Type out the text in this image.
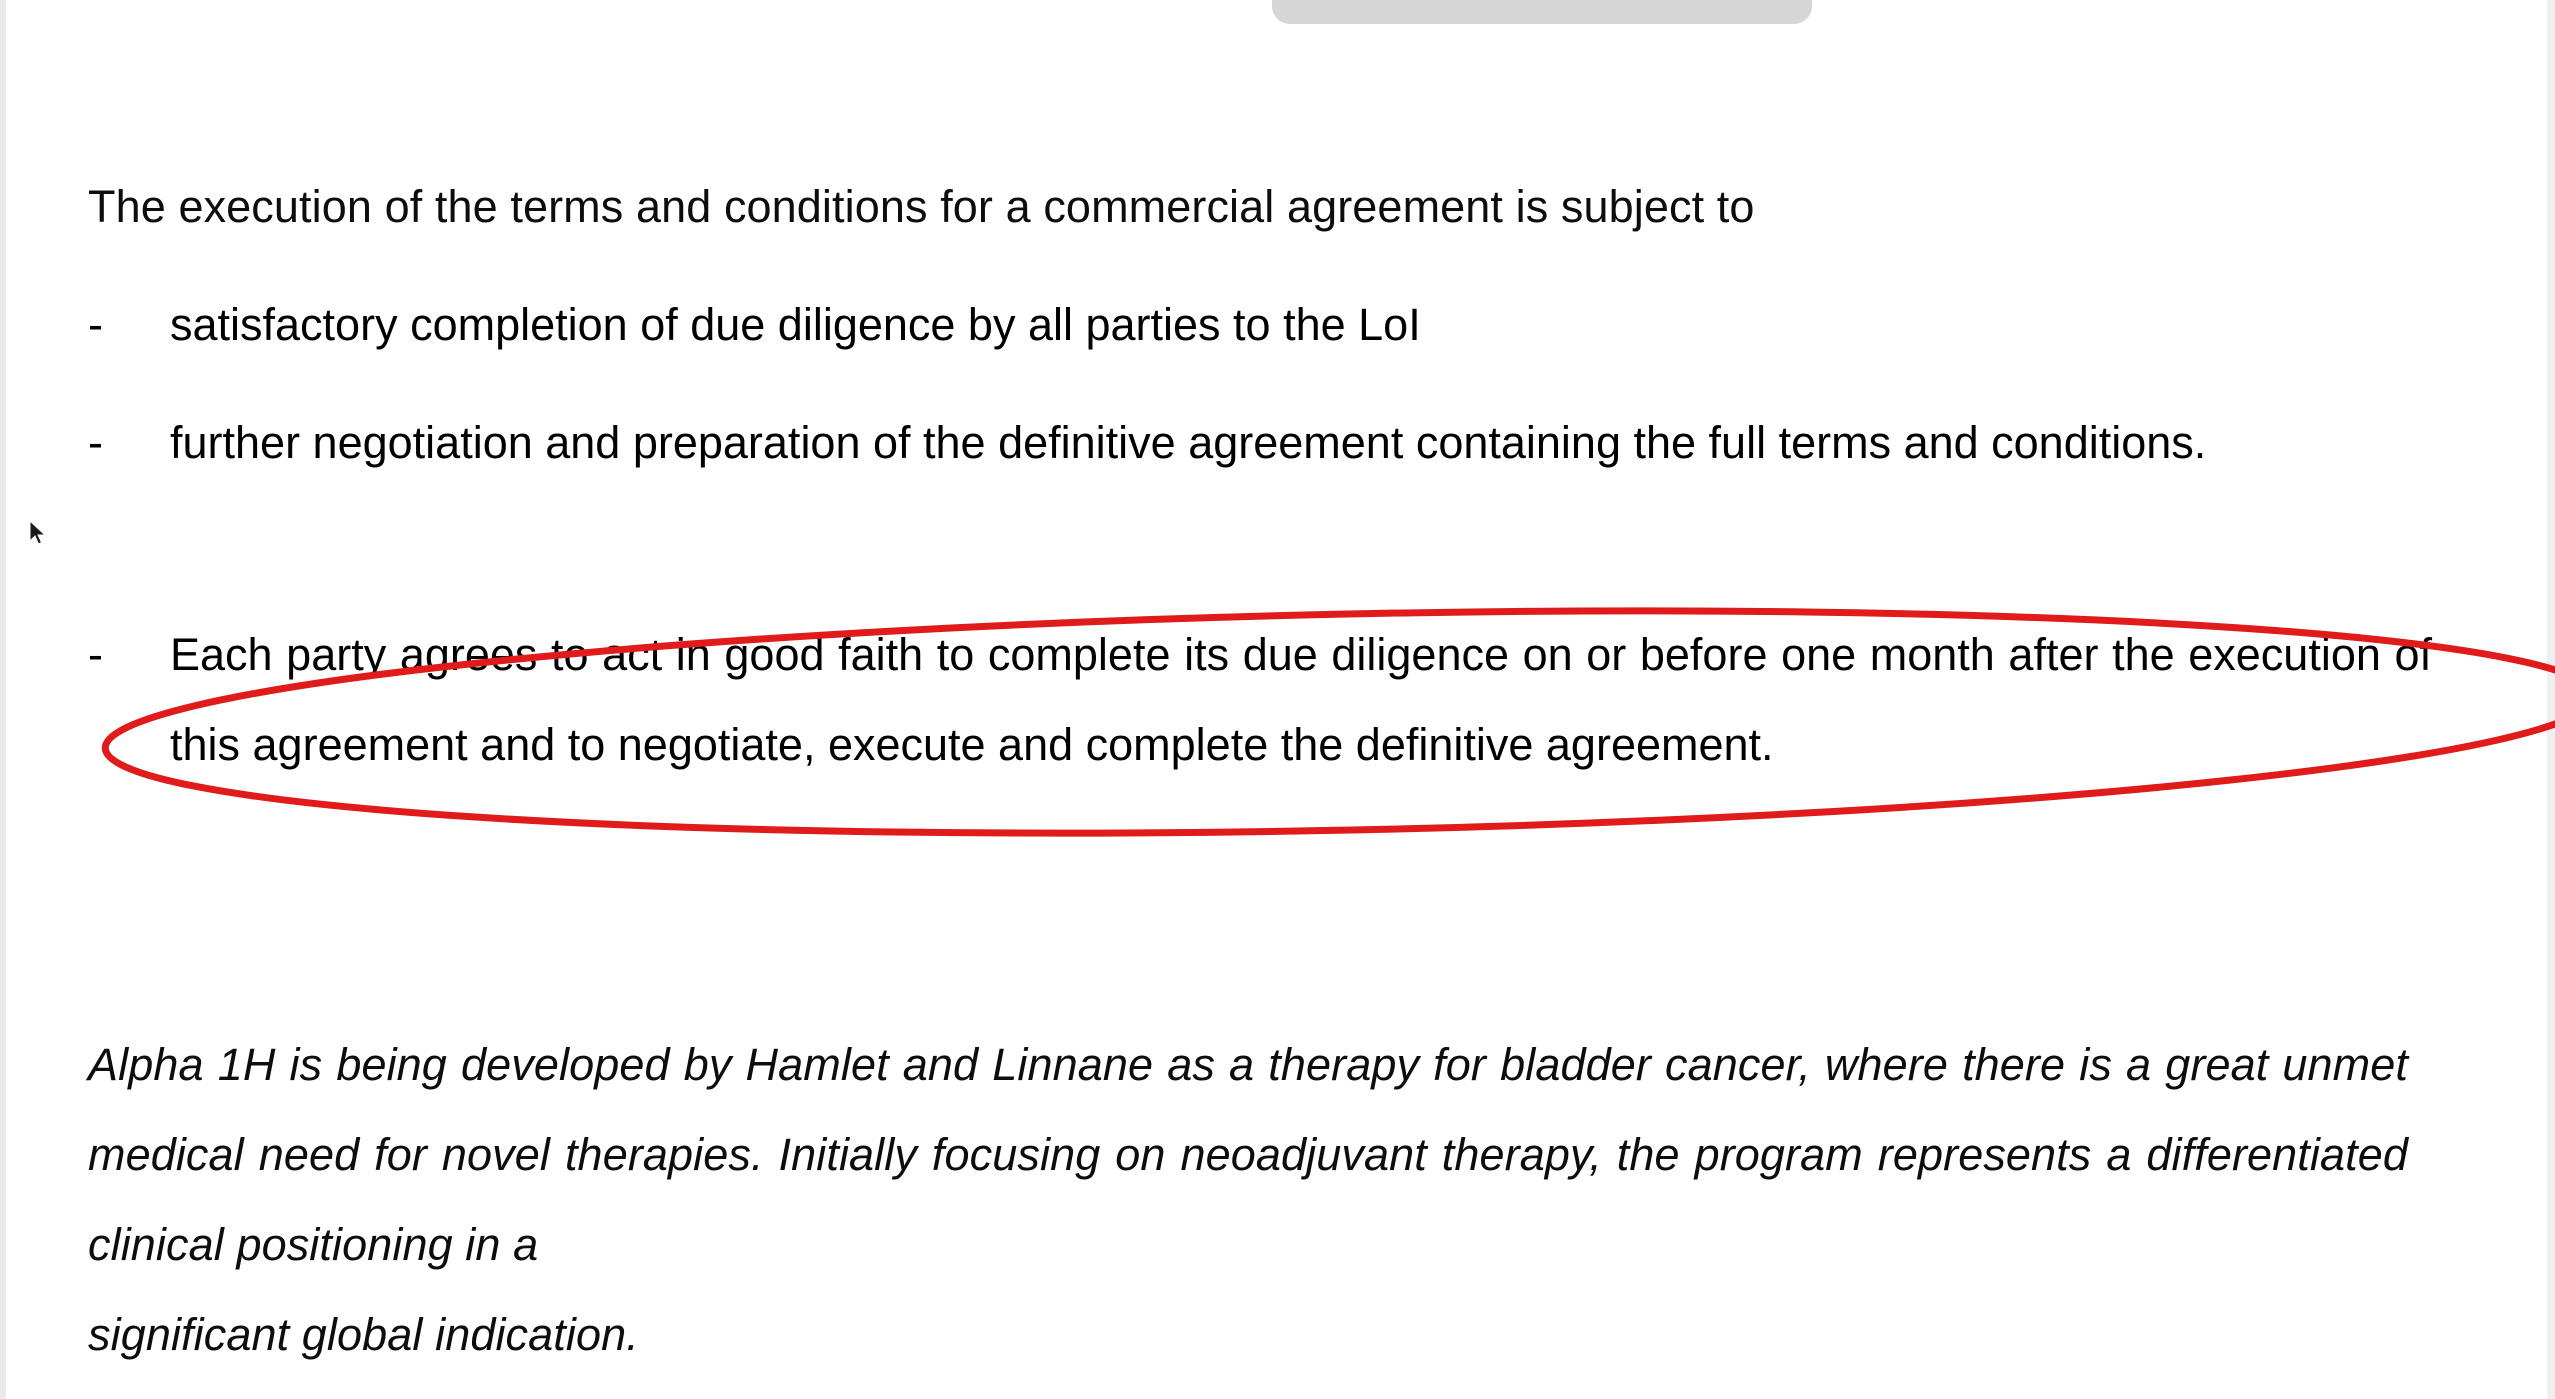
The execution of the terms and conditions for a commercial agreement is subject to
- satisfactory completion of due diligence by all parties to the LoI
- further negotiation and preparation of the definitive agreement containing the full terms and conditions.
- Each party agrees to act in good faith to complete its due diligence on or before one month after the execution of this agreement and to negotiate, execute and complete the definitive agreement.
Alpha 1H is being developed by Hamlet and Linnane as a therapy for bladder cancer, where there is a great unmet medical need for novel therapies. Initially focusing on neoadjuvant therapy, the program represents a differentiated clinical positioning in a
significant global indication.
